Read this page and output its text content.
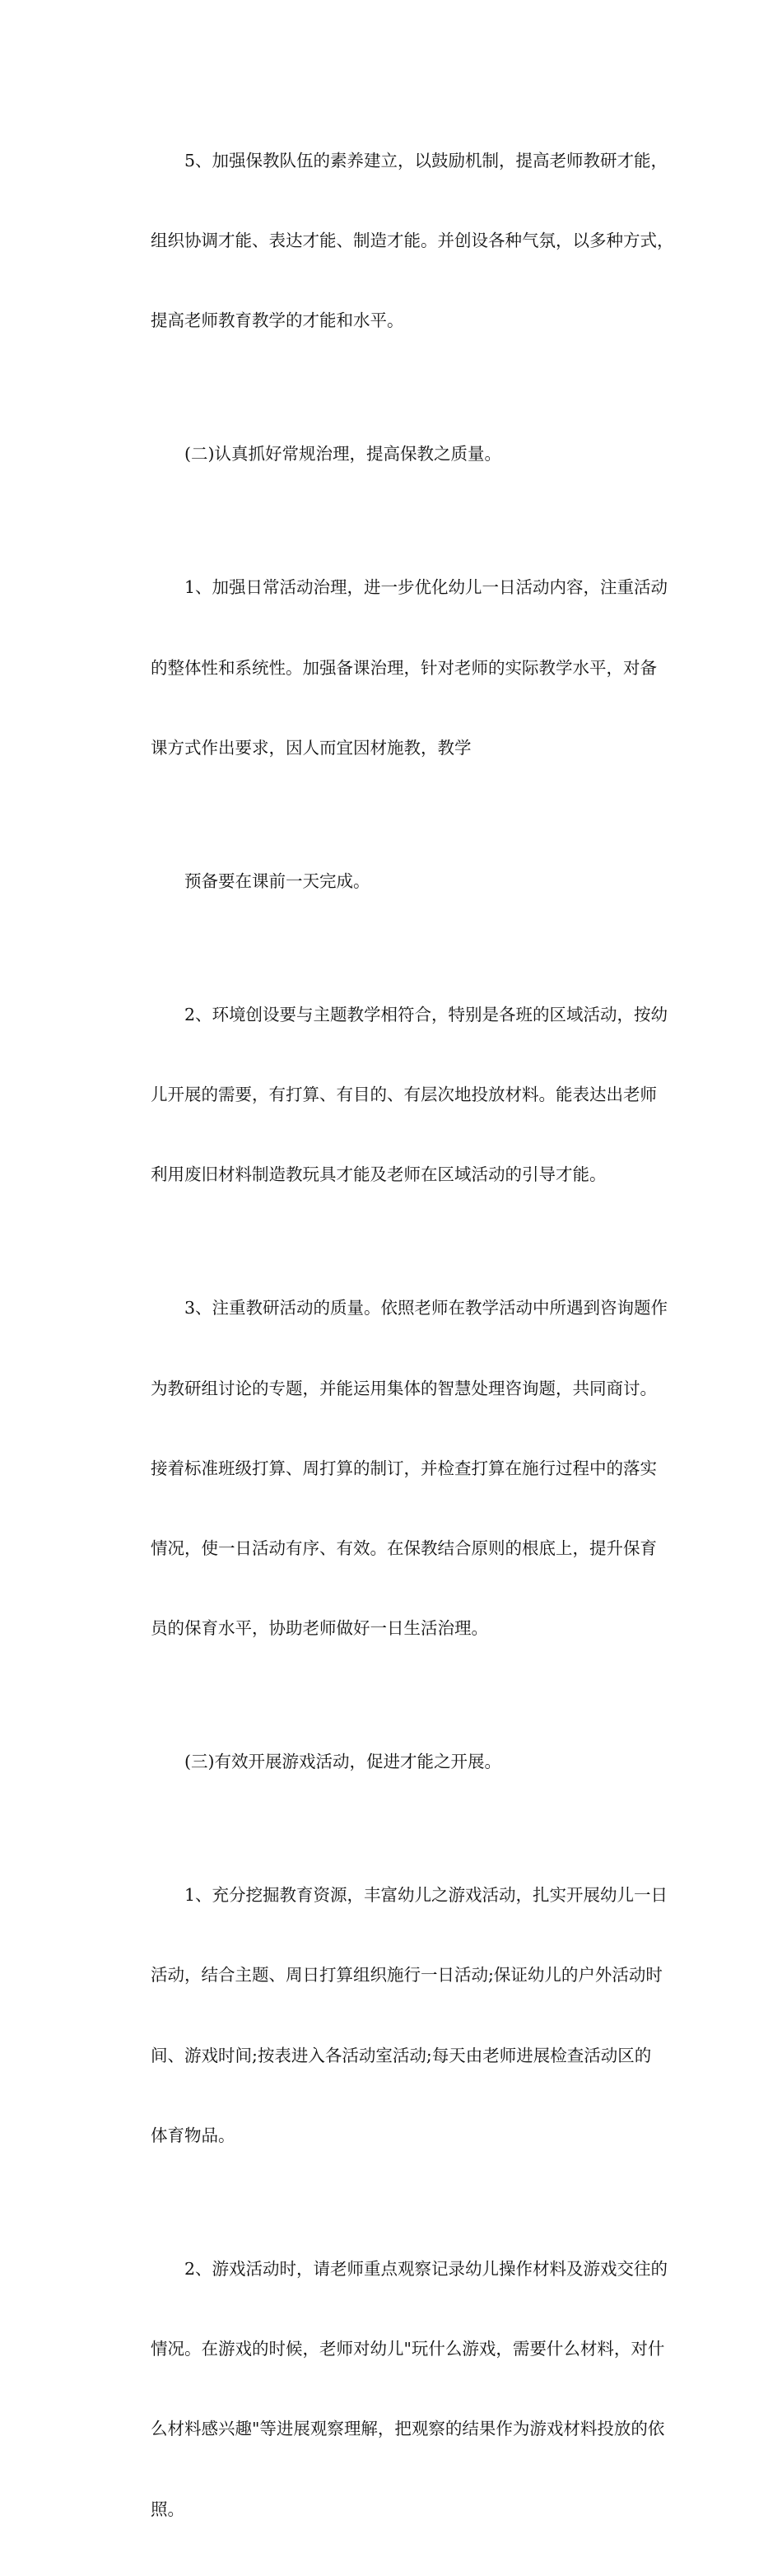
5、加强保教队伍的素养建立，以鼓励机制，提高老师教研才能，

组织协调才能、表达才能、制造才能。并创设各种气氛，以多种方式，

提高老师教育教学的才能和水平。

(二)认真抓好常规治理，提高保教之质量。

1、加强日常活动治理，进一步优化幼儿一日活动内容，注重活动

的整体性和系统性。加强备课治理，针对老师的实际教学水平，对备

课方式作出要求，因人而宜因材施教，教学

预备要在课前一天完成。

2、环境创设要与主题教学相符合，特别是各班的区域活动，按幼

儿开展的需要，有打算、有目的、有层次地投放材料。能表达出老师

利用废旧材料制造教玩具才能及老师在区域活动的引导才能。

3、注重教研活动的质量。依照老师在教学活动中所遇到咨询题作

为教研组讨论的专题，并能运用集体的智慧处理咨询题，共同商讨。

接着标准班级打算、周打算的制订，并检查打算在施行过程中的落实

情况，使一日活动有序、有效。在保教结合原则的根底上，提升保育

员的保育水平，协助老师做好一日生活治理。

(三)有效开展游戏活动，促进才能之开展。

1、充分挖掘教育资源，丰富幼儿之游戏活动，扎实开展幼儿一日

活动，结合主题、周日打算组织施行一日活动;保证幼儿的户外活动时

间、游戏时间;按表进入各活动室活动;每天由老师进展检查活动区的

体育物品。

2、游戏活动时，请老师重点观察记录幼儿操作材料及游戏交往的

情况。在游戏的时候，老师对幼儿"玩什么游戏，需要什么材料，对什

么材料感兴趣"等进展观察理解，把观察的结果作为游戏材料投放的依

照。
